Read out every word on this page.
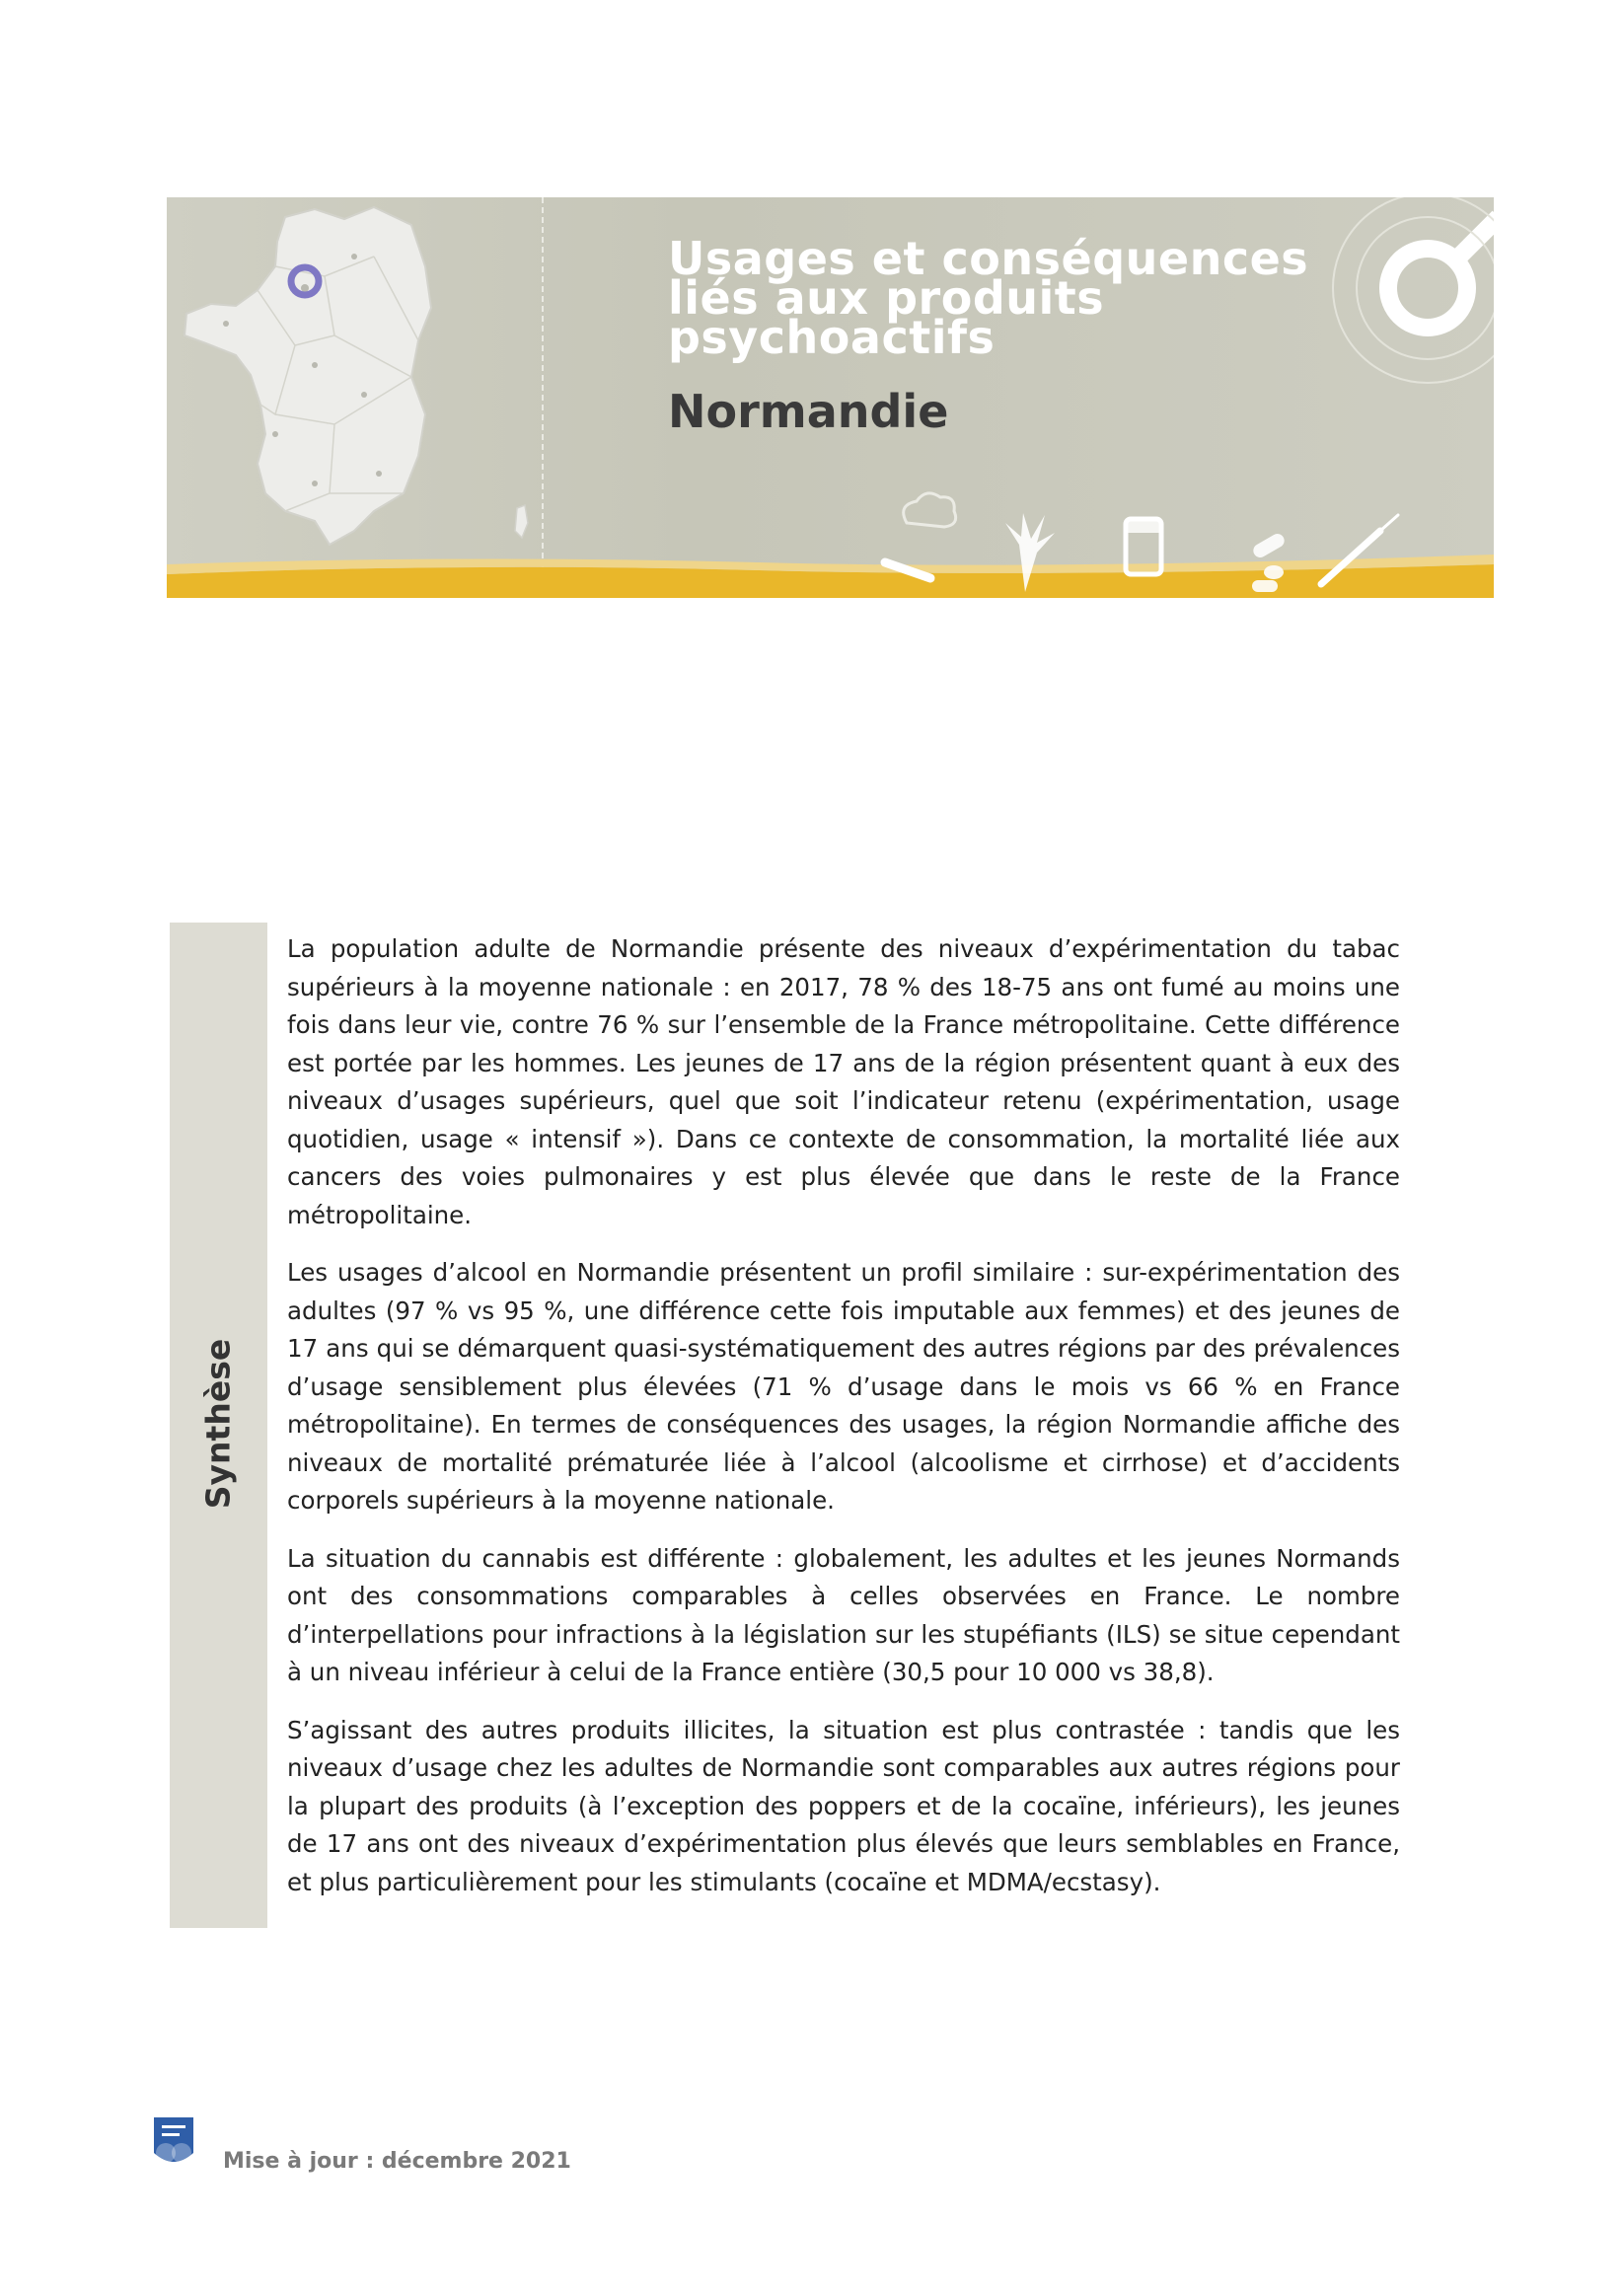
Usages et conséquences
liés aux produits
psychoactifs
Normandie
Synthèse

La population adulte de Normandie présente des niveaux d’expérimentation du tabac supérieurs à la moyenne nationale : en 2017, 78 % des 18-75 ans ont fumé au moins une fois dans leur vie, contre 76 % sur l’ensemble de la France métropolitaine. Cette différence est portée par les hommes. Les jeunes de 17 ans de la région présentent quant à eux des niveaux d’usages supérieurs, quel que soit l’indicateur retenu (expérimentation, usage quotidien, usage « intensif »). Dans ce contexte de consommation, la mortalité liée aux cancers des voies pulmonaires y est plus élevée que dans le reste de la France métropolitaine.

Les usages d’alcool en Normandie présentent un profil similaire : sur-expérimentation des adultes (97 % vs 95 %, une différence cette fois imputable aux femmes) et des jeunes de 17 ans qui se démarquent quasi-systématiquement des autres régions par des prévalences d’usage sensiblement plus élevées (71 % d’usage dans le mois vs 66 % en France métropolitaine). En termes de conséquences des usages, la région Normandie affiche des niveaux de mortalité prématurée liée à l’alcool (alcoolisme et cirrhose) et d’accidents corporels supérieurs à la moyenne nationale.

La situation du cannabis est différente : globalement, les adultes et les jeunes Normands ont des consommations comparables à celles observées en France. Le nombre d’interpellations pour infractions à la législation sur les stupéfiants (ILS) se situe cependant à un niveau inférieur à celui de la France entière (30,5 pour 10 000 vs 38,8).

S’agissant des autres produits illicites, la situation est plus contrastée : tandis que les niveaux d’usage chez les adultes de Normandie sont comparables aux autres régions pour la plupart des produits (à l’exception des poppers et de la cocaïne, inférieurs), les jeunes de 17 ans ont des niveaux d’expérimentation plus élevés que leurs semblables en France, et plus particulièrement pour les stimulants (cocaïne et MDMA/ecstasy).

Mise à jour : décembre 2021
